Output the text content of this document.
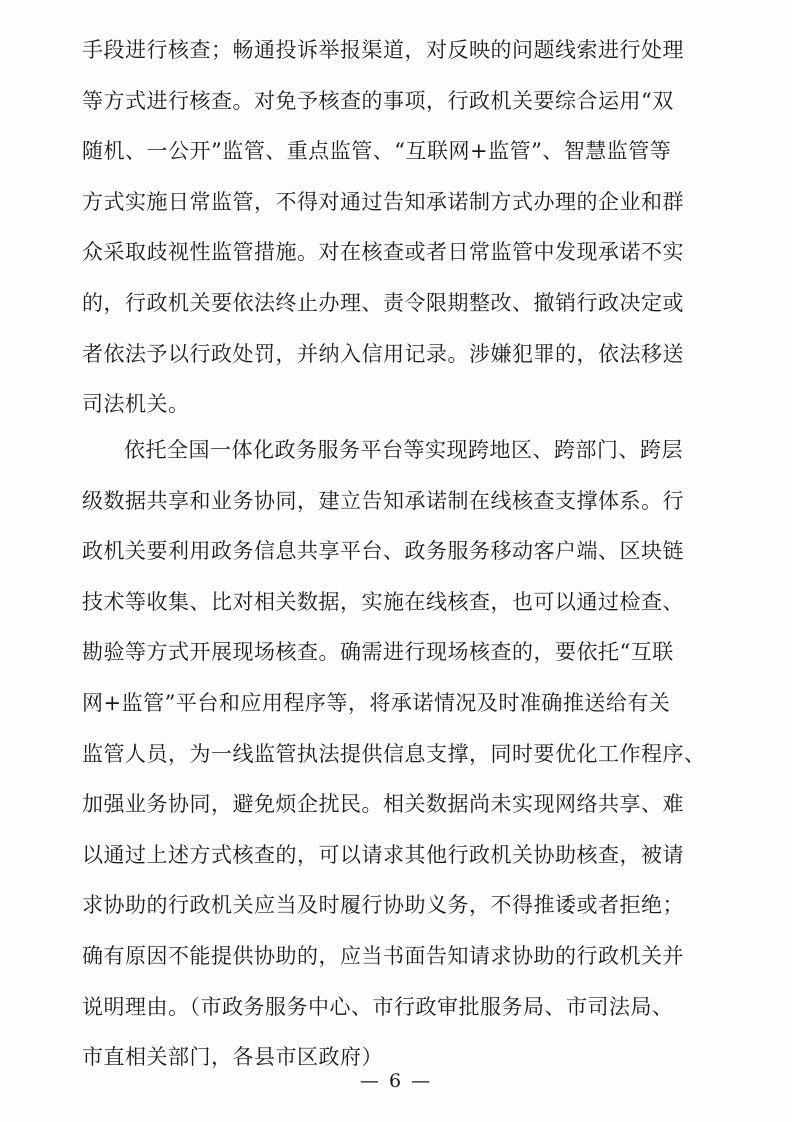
手段进行核查；畅通投诉举报渠道，对反映的问题线索进行处理
等方式进行核查。对免予核查的事项，行政机关要综合运用“双
随机、一公开”监管、重点监管、“互联网+监管”、智慧监管等
方式实施日常监管，不得对通过告知承诺制方式办理的企业和群
众采取歧视性监管措施。对在核查或者日常监管中发现承诺不实
的，行政机关要依法终止办理、责令限期整改、撤销行政决定或
者依法予以行政处罚，并纳入信用记录。涉嫌犯罪的，依法移送
司法机关。
依托全国一体化政务服务平台等实现跨地区、跨部门、跨层
级数据共享和业务协同，建立告知承诺制在线核查支撑体系。行
政机关要利用政务信息共享平台、政务服务移动客户端、区块链
技术等收集、比对相关数据，实施在线核查，也可以通过检查、
勘验等方式开展现场核查。确需进行现场核查的，要依托“互联
网+监管”平台和应用程序等，将承诺情况及时准确推送给有关
监管人员，为一线监管执法提供信息支撑，同时要优化工作程序、
加强业务协同，避免烦企扰民。相关数据尚未实现网络共享、难
以通过上述方式核查的，可以请求其他行政机关协助核查，被请
求协助的行政机关应当及时履行协助义务，不得推诿或者拒绝；
确有原因不能提供协助的，应当书面告知请求协助的行政机关并
说明理由。（市政务服务中心、市行政审批服务局、市司法局、
市直相关部门，各县市区政府）
— 6 —
